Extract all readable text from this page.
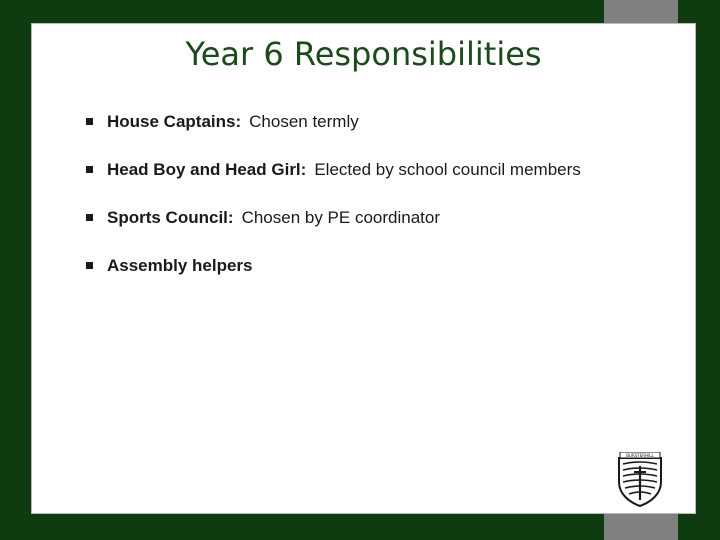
Year 6 Responsibilities
House Captains: Chosen termly
Head Boy and Head Girl: Elected by school council members
Sports Council: Chosen by PE coordinator
Assembly helpers
BURSTERHILL
